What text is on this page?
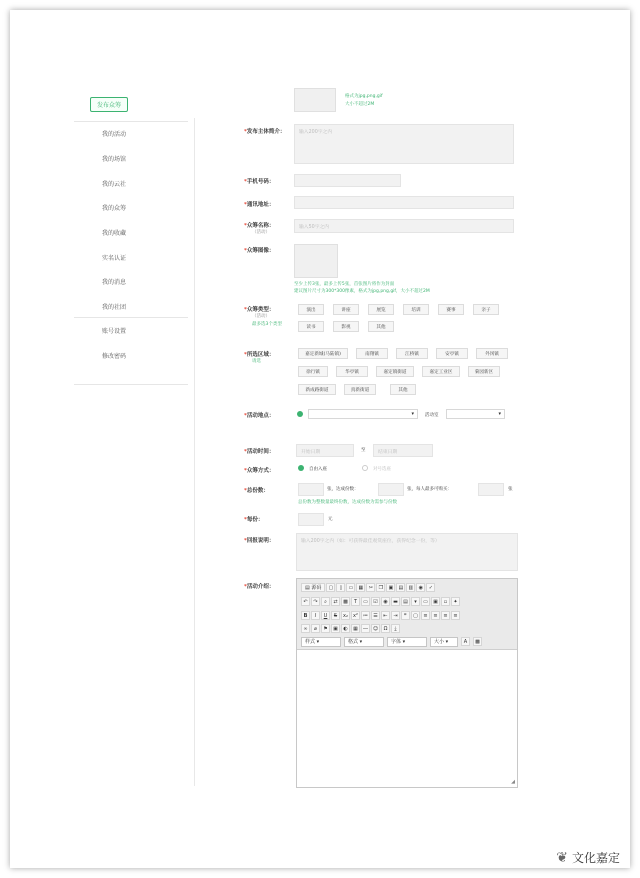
发布众筹
我的活动
我的场馆
我的云社
我的众筹
我的收藏
实名认证
我的消息
我的社团
账号设置
修改密码
格式为jpg,png,gif
大小不超过2M
*发布主体简介：	输入200字之内
*手机号码：
*通讯地址：
*众筹名称：
（活动）
输入50字之内
*众筹图像：
至少上传3张，最多上传5张，首张图片将作为封面
建议图片尺寸为300*300像素，格式为jpg,png,gif，大小不超过2M
*众筹类型：
（活动）
最多选3个类型
演出	讲座	展览	培训	赛事	亲子
读书	影视	其他
*所选区域：
请选
嘉定新城(马陆镇)	南翔镇	江桥镇	安亭镇	外冈镇
徐行镇	华亭镇	嘉定镇街道	嘉定工业区	菊园新区
新成路街道	真新街道	其他
*活动地点：	▾	活动室	▾
*活动时间：	开始日期	至	结束日期
*众筹方式：	自由入座	对号选座
*总份数：	张，达成份数：	张，每人最多可购买：	张
总份数为整数量最终份数，达成份数为需参与份数
*每份：	元
*回报说明：	输入200字之内（如：可获得最佳观赏座位，获得纪念一份，等）
*活动介绍：	▤ 源码	▢	▯	▭	▦	✂	❐	▣	▤	▥	◉	✓
↶	↷	⌕	⇄	▩	T	▭	☑	◉	▬	▤	▾	▭	▣	▫	✦
B	I	U	S	x₂	x²	≔	☰	⇤	⇥	❞	▢	≡	≡	≡	≡
∞	⌀	⚑	▣	◐	▦	― ☺	Ω	⤓
样式 ▾	格式 ▾	字体 ▾	大小 ▾	A	▩
◢
❦ 文化嘉定
